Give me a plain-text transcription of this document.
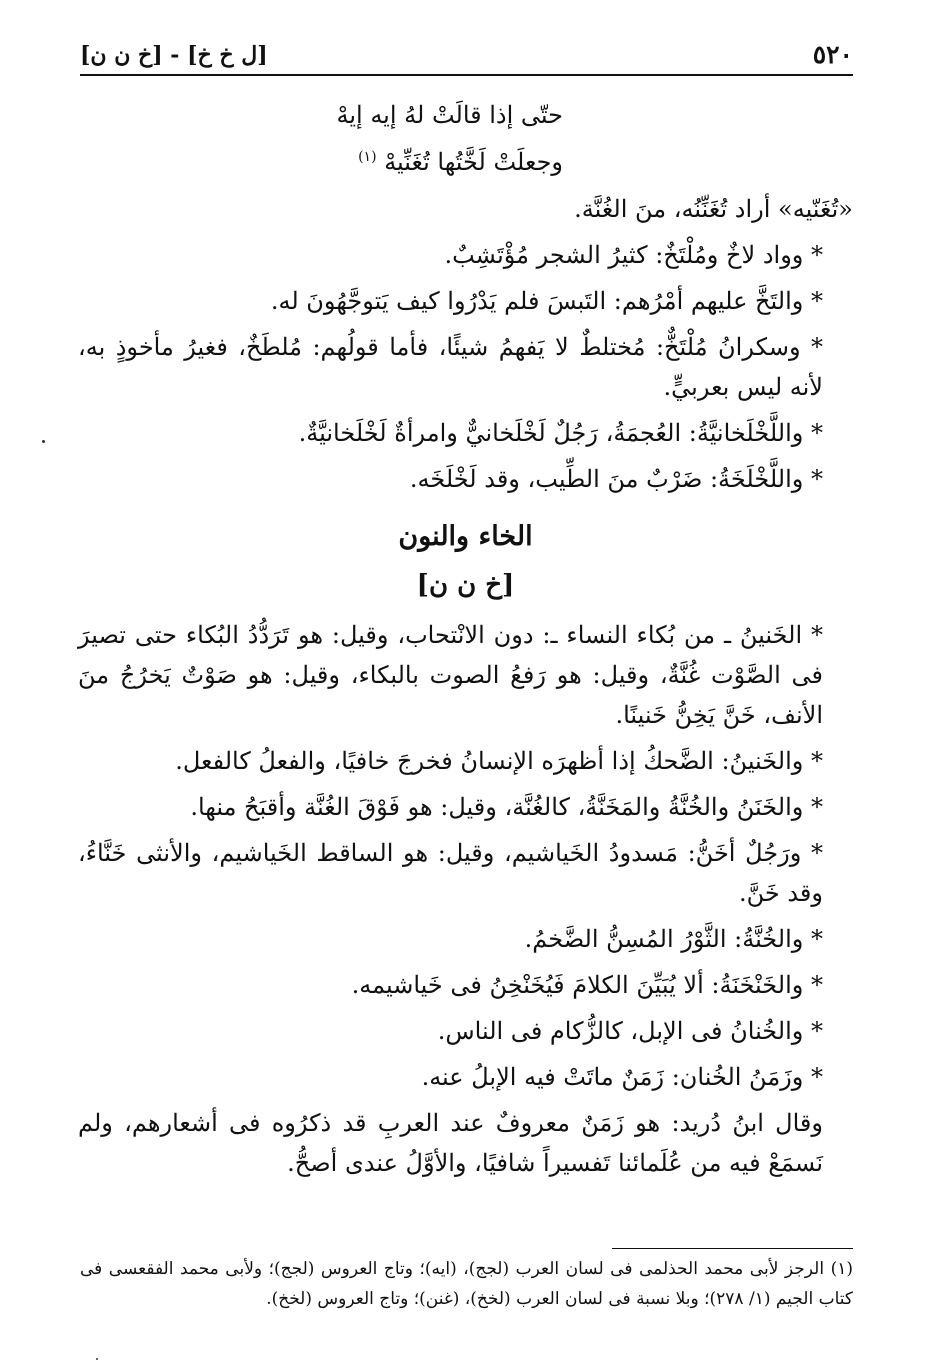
٥٢٠
[ل خ خ] - [خ ن ن]
حتّى إذا قالَتْ لهُ إيه إيهْ
وجعلَتْ لَخَّتُها تُغَنِّيهْ $^{(١)}$

«تُغَنّيه» أراد تُغَنِّنُه، منَ الغُنَّة.

* وواد لاخٌ ومُلْتَخٌ: كثيرُ الشجر مُؤْتَشِبٌ.

* والتَخَّ عليهم أمْرُهم: التَبسَ فلم يَدْرُوا كيف يَتوجَّهُونَ له.

* وسكرانُ مُلْتَخٌّ: مُختلطٌ لا يَفهمُ شيئًا، فأما قولُهم: مُلطَخٌ، فغيرُ مأخوذٍ به، لأنه ليس بعربيٍّ.

* واللَّخْلَخانيَّةُ: العُجمَةُ، رَجُلٌ لَخْلَخانيٌّ وامرأةٌ لَخْلَخانيَّةٌ.

* واللَّخْلَخَةُ: ضَرْبٌ منَ الطِّيب، وقد لَخْلَخَه.

الخاء والنون
[خ ن ن]

* الخَنينُ ـ من بُكاء النساء ـ: دون الانْتحاب، وقيل: هو تَرَدُّدُ البُكاء حتى تصيرَ فى الصَّوْت غُنَّةٌ، وقيل: هو رَفعُ الصوت بالبكاء، وقيل: هو صَوْتٌ يَخرُجُ منَ الأنف، خَنَّ يَخِنُّ خَنينًا.

* والخَنينُ: الضَّحكُ إذا أظهرَه الإنسانُ فخرجَ خافيًا، والفعلُ كالفعل.

* والخَنَنُ والخُنَّةُ والمَخَنَّةُ، كالغُنَّة، وقيل: هو فَوْقَ الغُنَّة وأقبَحُ منها.

* ورَجُلٌ أخَنُّ: مَسدودُ الخَياشيم، وقيل: هو الساقط الخَياشيم، والأنثى خَنَّاءُ، وقد خَنَّ.

* والخُنَّةُ: الثَّوْرُ المُسِنُّ الضَّخمُ.

* والخَنْخَنَةُ: ألا يُبَيِّنَ الكلامَ فَيُخَنْخِنُ فى خَياشيمه.

* والخُنانُ فى الإبل، كالزُّكام فى الناس.

* وزَمَنُ الخُنان: زَمَنٌ ماتَتْ فيه الإبلُ عنه.

وقال ابنُ دُريد: هو زَمَنٌ معروفٌ عند العربِ قد ذكرُوه فى أشعارهم، ولم نَسمَعْ فيه من عُلَمائنا تَفسيراً شافيًا، والأوَّلُ عندى أصحُّ.

(١) الرجز لأبى محمد الحذلمى فى لسان العرب (لجج)، (ايه)؛ وتاج العروس (لجج)؛ ولأبى محمد الفقعسى فى كتاب الجيم (١/ ٢٧٨)؛ وبلا نسبة فى لسان العرب (لخخ)، (غنن)؛ وتاج العروس (لخخ).
